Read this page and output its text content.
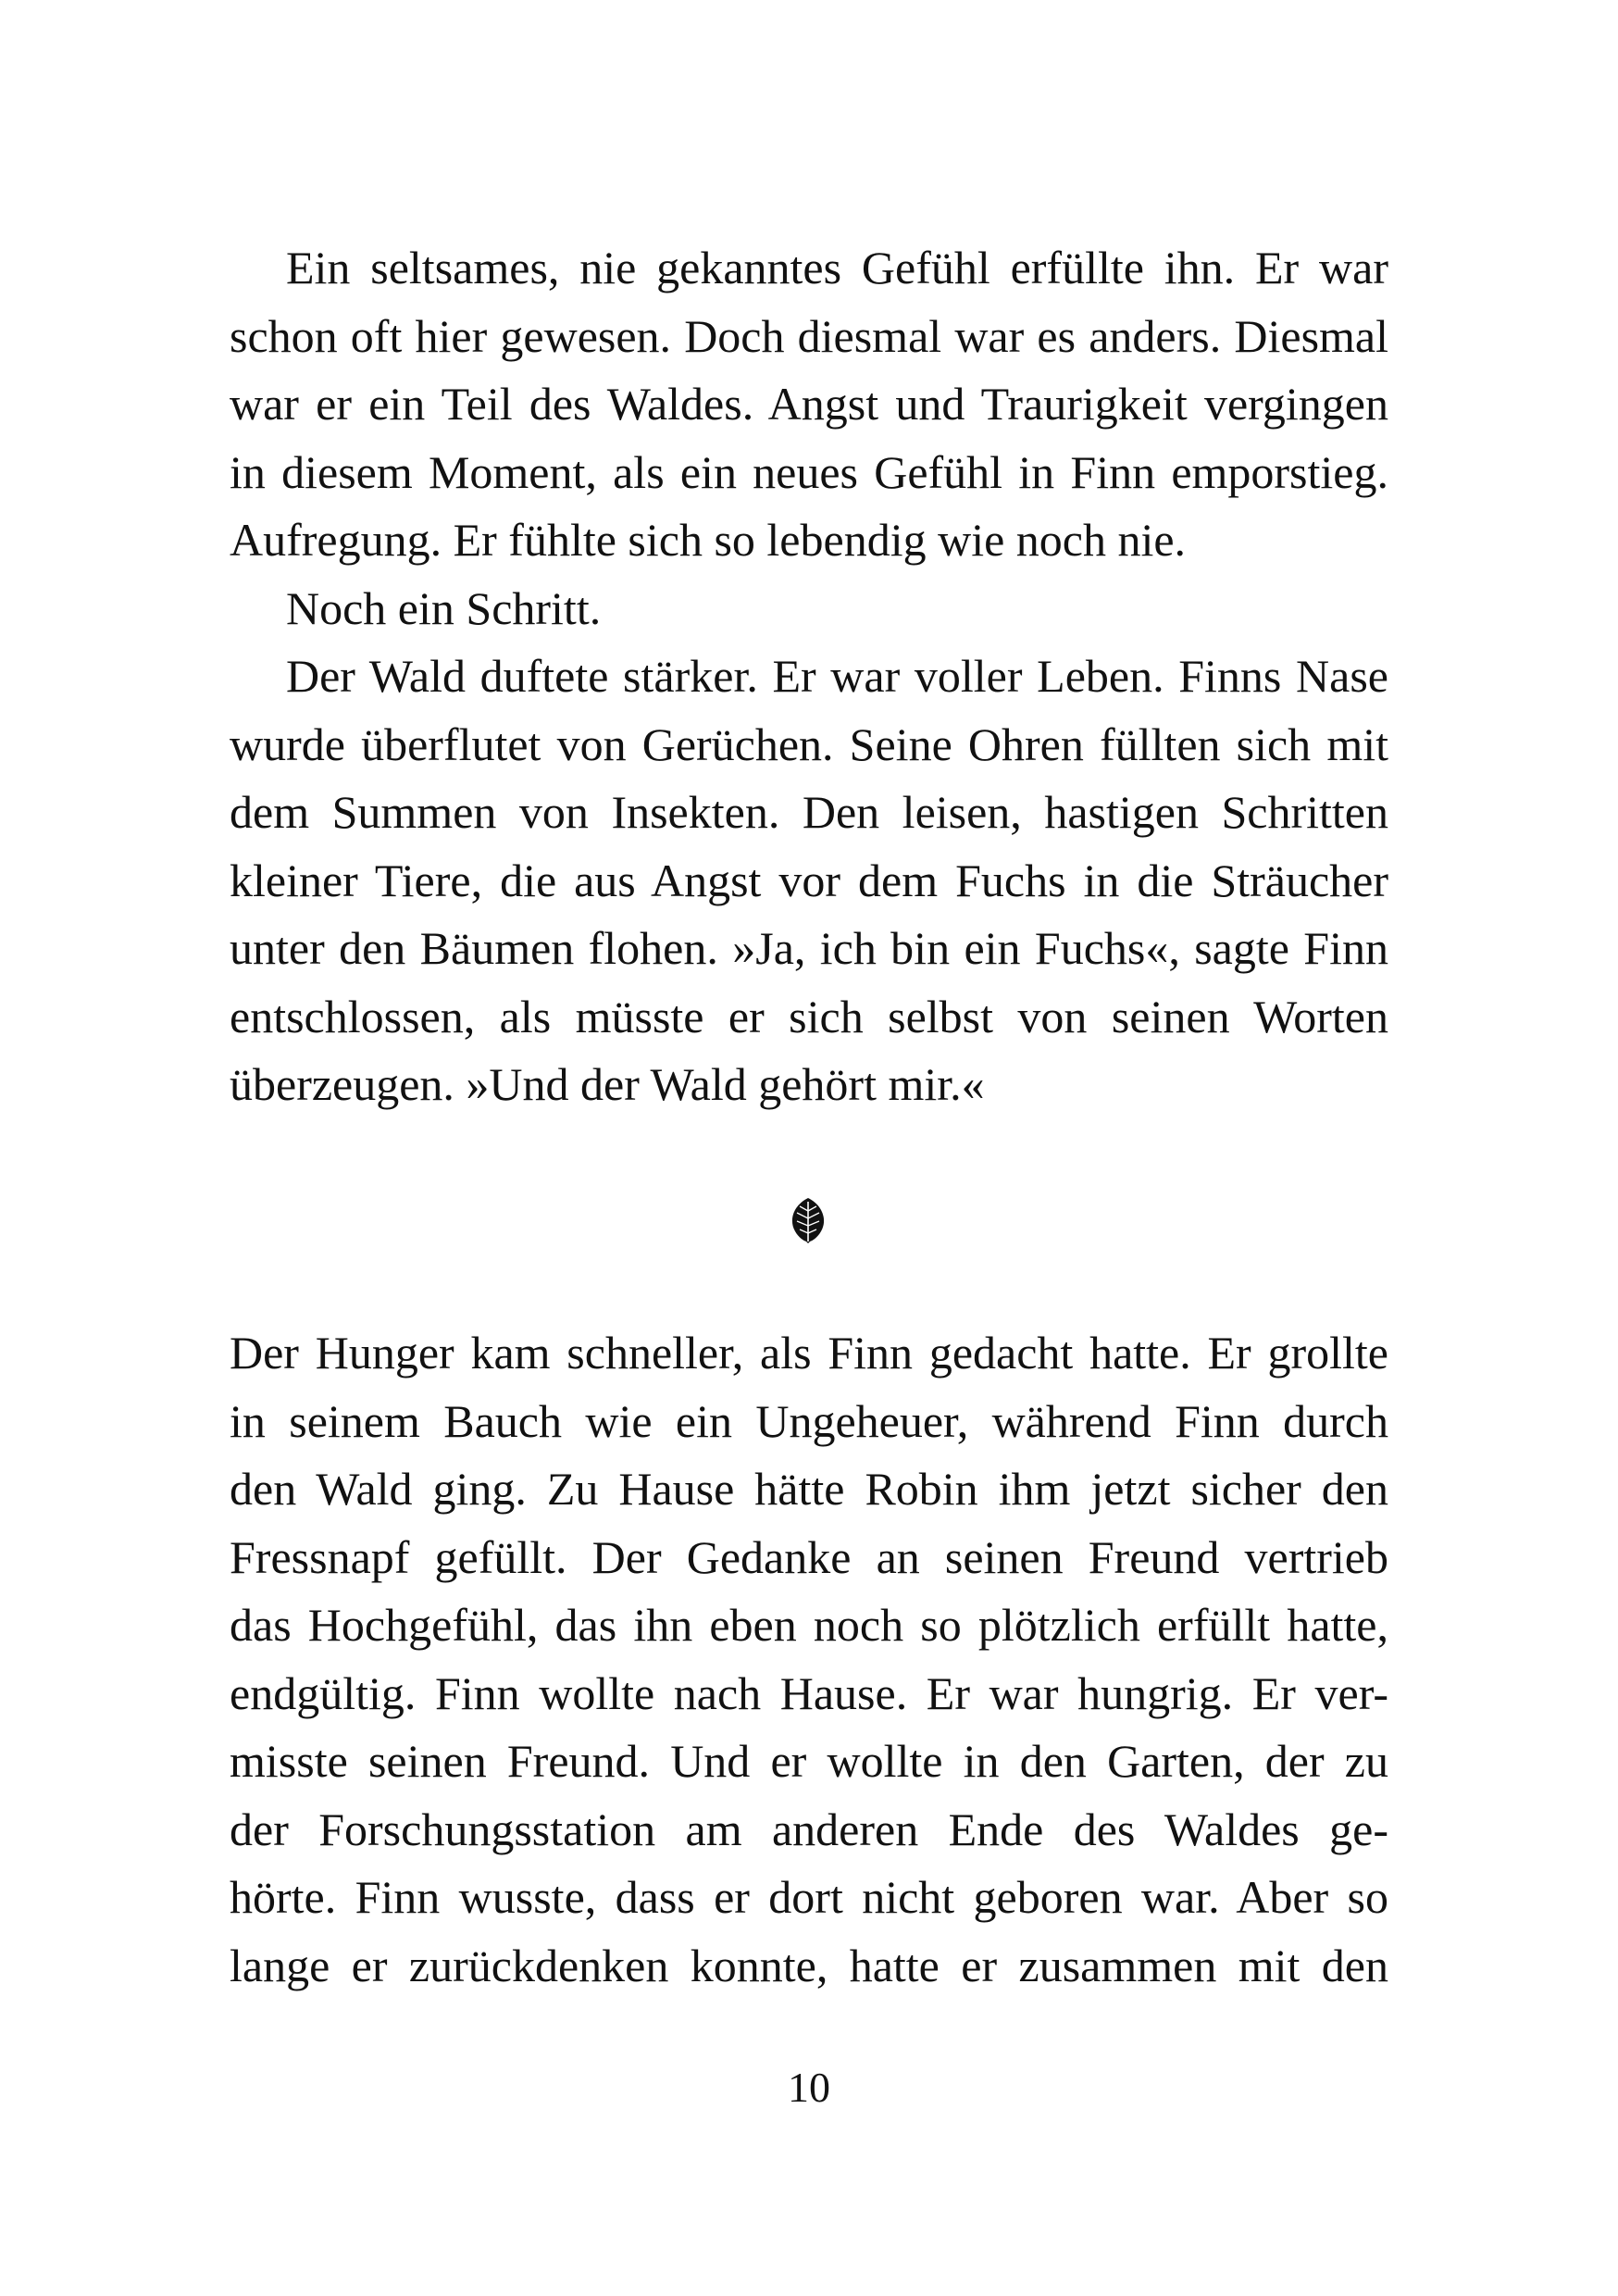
Ein seltsames, nie gekanntes Gefühl erfüllte ihn. Er war
schon oft hier gewesen. Doch diesmal war es anders. Diesmal
war er ein Teil des Waldes. Angst und Traurigkeit vergingen
in diesem Moment, als ein neues Gefühl in Finn emporstieg.
Aufregung. Er fühlte sich so lebendig wie noch nie.
Noch ein Schritt.
Der Wald duftete stärker. Er war voller Leben. Finns Nase
wurde überflutet von Gerüchen. Seine Ohren füllten sich mit
dem Summen von Insekten. Den leisen, hastigen Schritten
kleiner Tiere, die aus Angst vor dem Fuchs in die Sträucher
unter den Bäumen flohen. »Ja, ich bin ein Fuchs«, sagte Finn
entschlossen, als müsste er sich selbst von seinen Worten
überzeugen. »Und der Wald gehört mir.«
Der Hunger kam schneller, als Finn gedacht hatte. Er grollte
in seinem Bauch wie ein Ungeheuer, während Finn durch
den Wald ging. Zu Hause hätte Robin ihm jetzt sicher den
Fressnapf gefüllt. Der Gedanke an seinen Freund vertrieb
das Hochgefühl, das ihn eben noch so plötzlich erfüllt hatte,
endgültig. Finn wollte nach Hause. Er war hungrig. Er ver-
misste seinen Freund. Und er wollte in den Garten, der zu
der Forschungsstation am anderen Ende des Waldes ge-
hörte. Finn wusste, dass er dort nicht geboren war. Aber so
lange er zurückdenken konnte, hatte er zusammen mit den
10
